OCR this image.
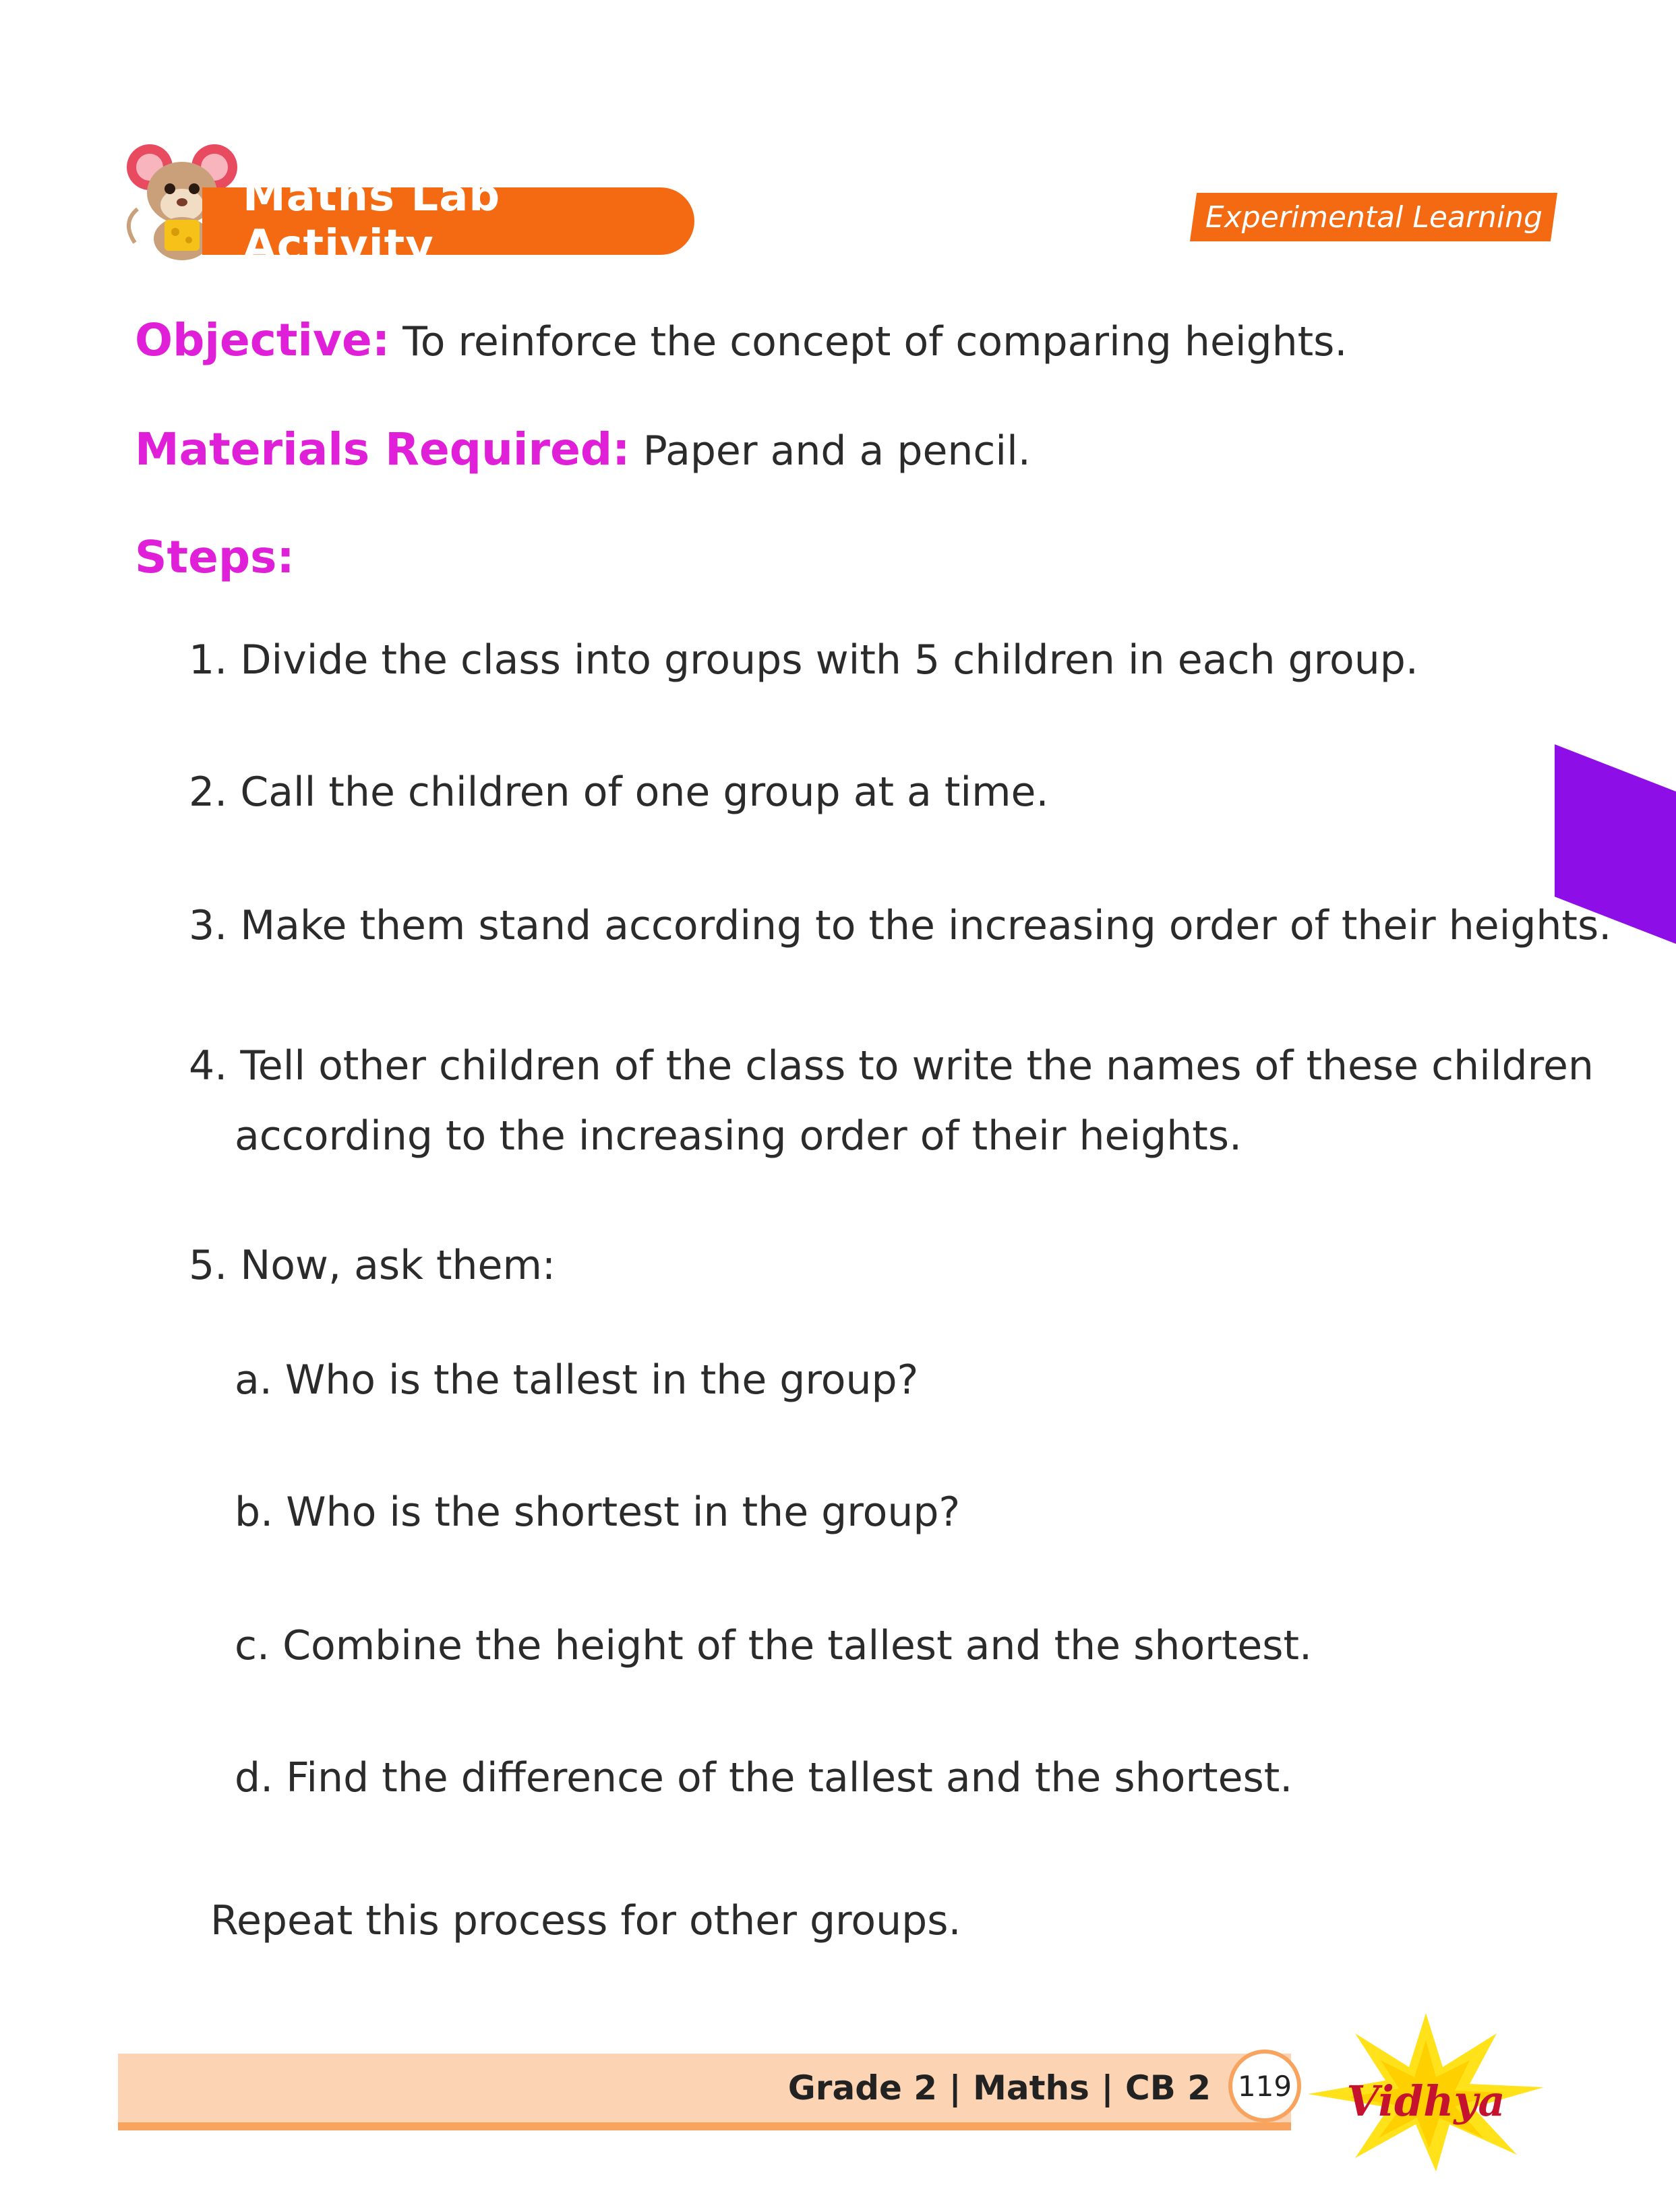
Maths Lab Activity
Experimental Learning
Objective: To reinforce the concept of comparing heights.
Materials Required: Paper and a pencil.
Steps:
1. Divide the class into groups with 5 children in each group.
2. Call the children of one group at a time.
3. Make them stand according to the increasing order of their heights.
4. Tell other children of the class to write the names of these children
according to the increasing order of their heights.
5. Now, ask them:
a. Who is the tallest in the group?
b. Who is the shortest in the group?
c. Combine the height of the tallest and the shortest.
d. Find the difference of the tallest and the shortest.
Repeat this process for other groups.
Grade 2 | Maths | CB 2 119 Vidhya
